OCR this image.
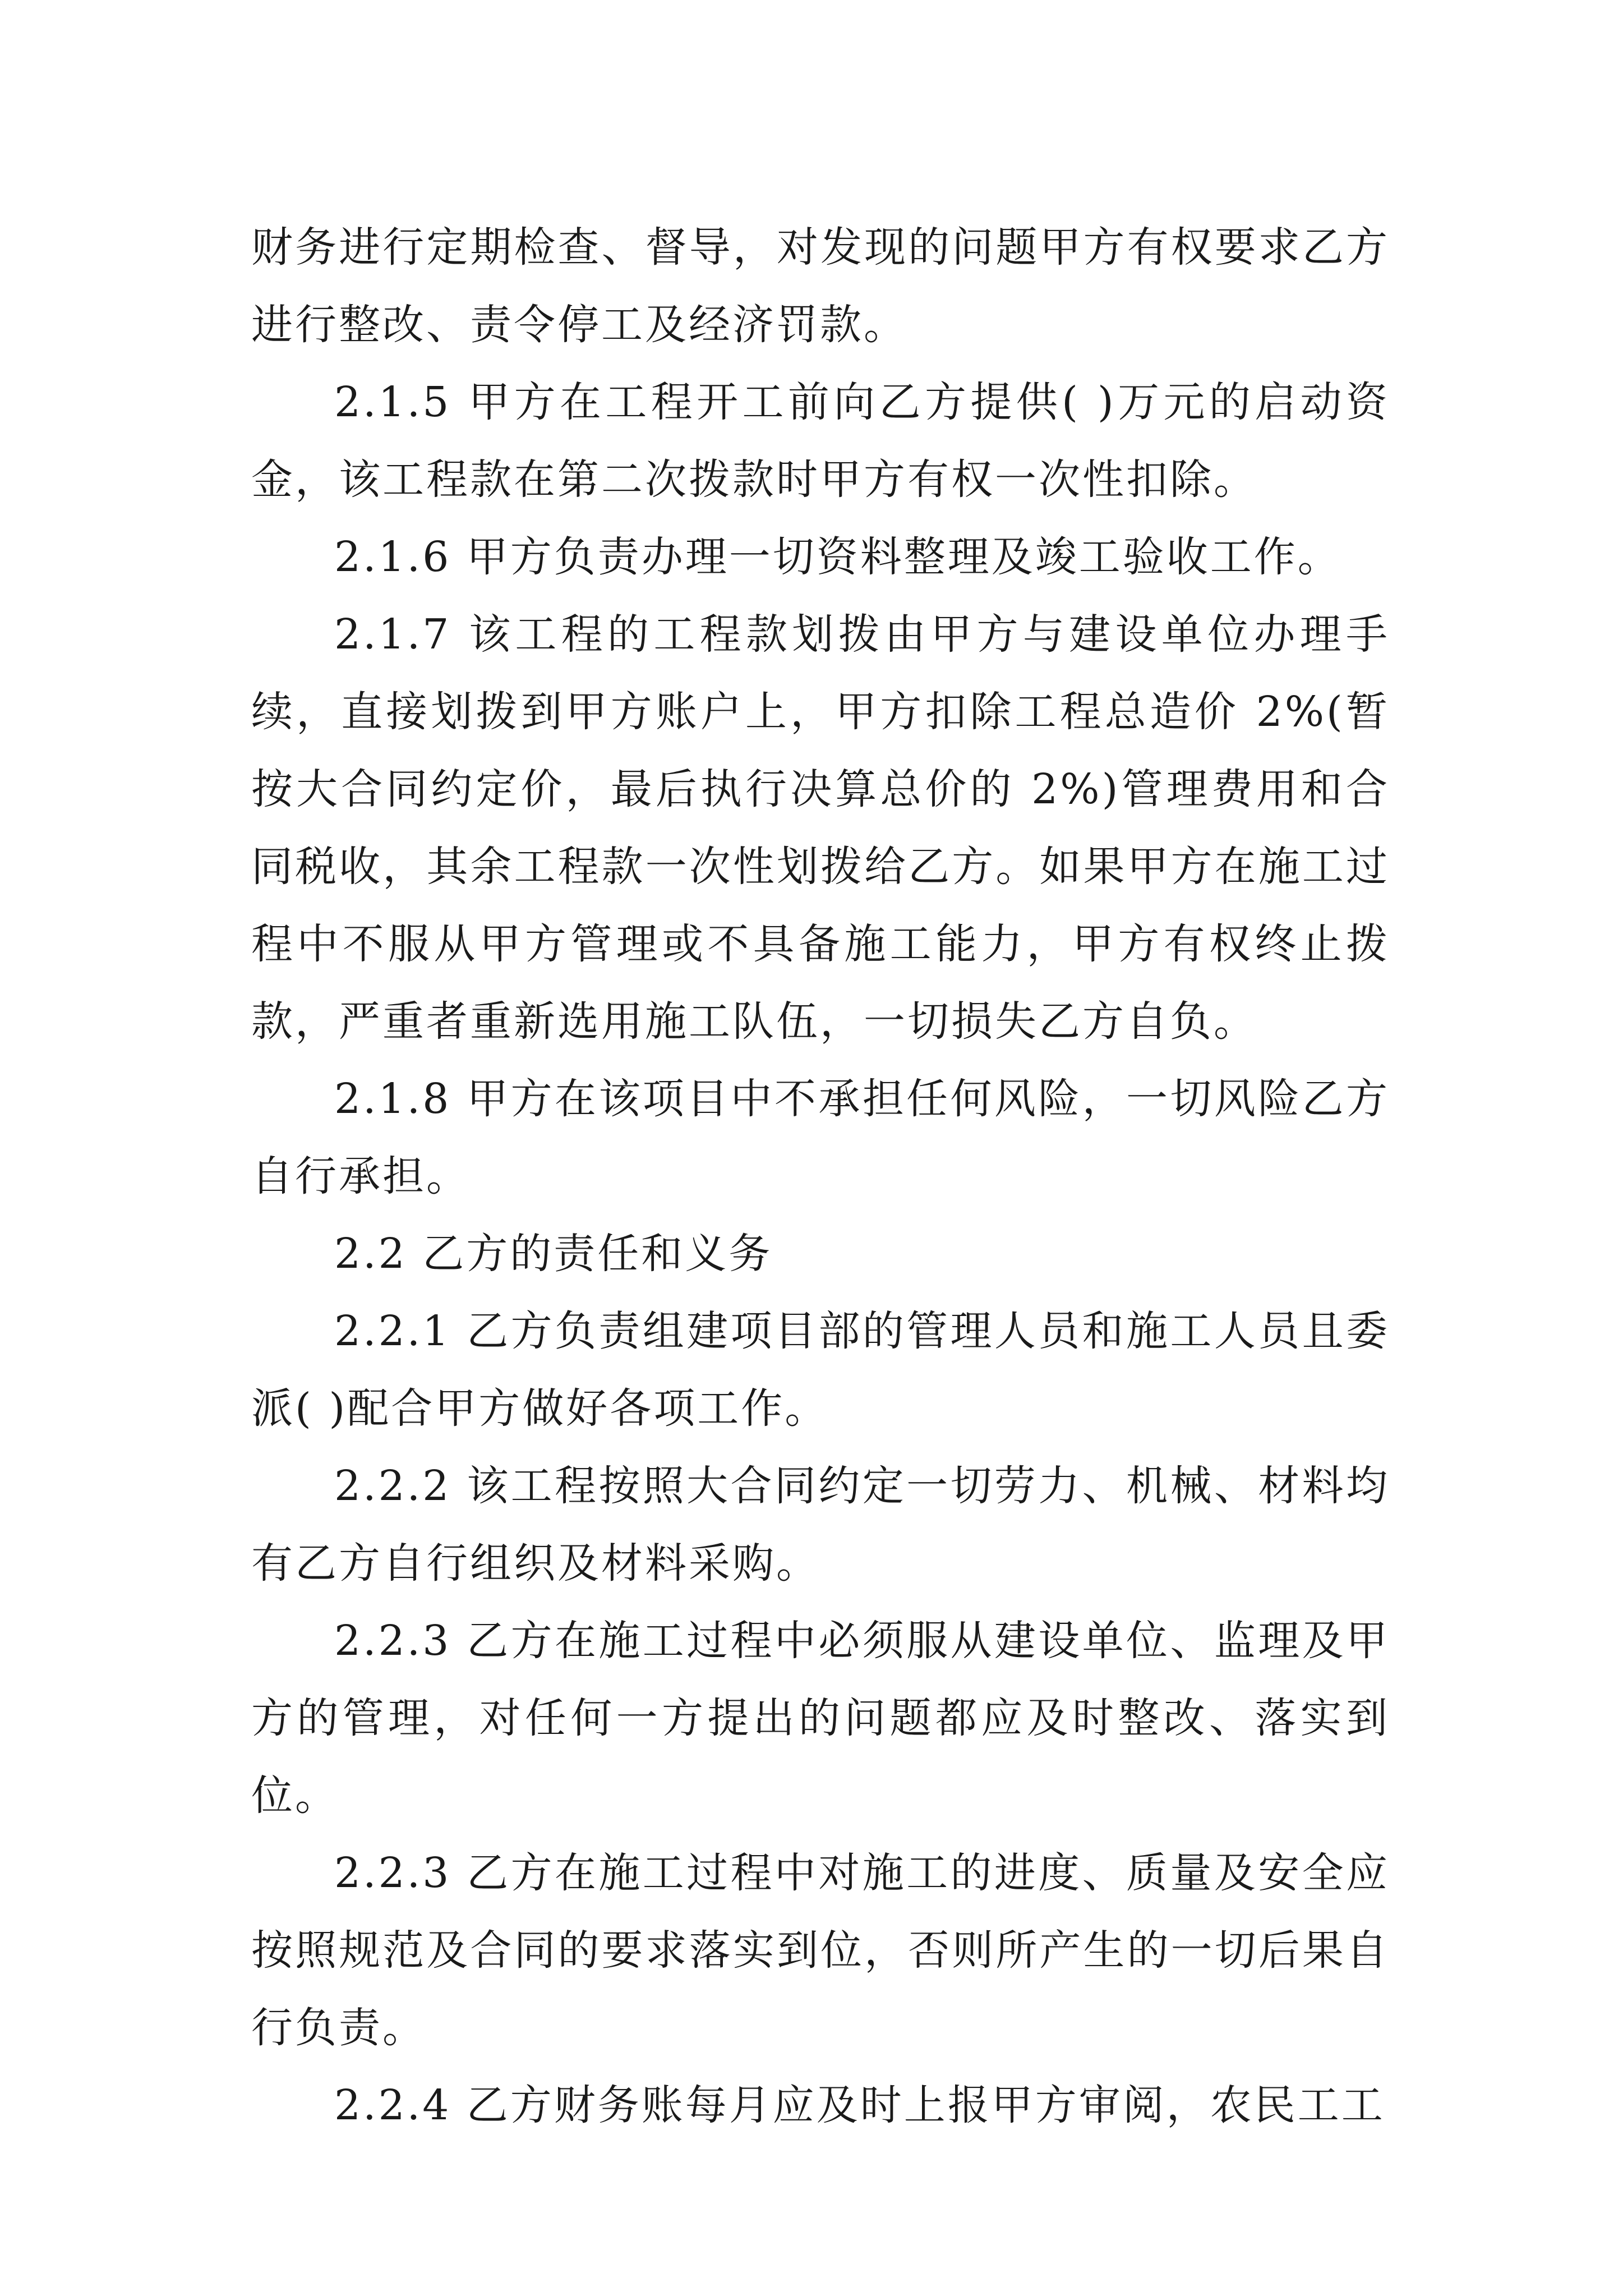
财务进行定期检查、督导，对发现的问题甲方有权要求乙方进行整改、责令停工及经济罚款。

2.1.5 甲方在工程开工前向乙方提供( )万元的启动资金，该工程款在第二次拨款时甲方有权一次性扣除。

2.1.6 甲方负责办理一切资料整理及竣工验收工作。

2.1.7 该工程的工程款划拨由甲方与建设单位办理手续，直接划拨到甲方账户上，甲方扣除工程总造价 2%(暂按大合同约定价，最后执行决算总价的 2%)管理费用和合同税收，其余工程款一次性划拨给乙方。如果甲方在施工过程中不服从甲方管理或不具备施工能力，甲方有权终止拨款，严重者重新选用施工队伍，一切损失乙方自负。

2.1.8 甲方在该项目中不承担任何风险，一切风险乙方自行承担。

2.2 乙方的责任和义务

2.2.1 乙方负责组建项目部的管理人员和施工人员且委派( )配合甲方做好各项工作。

2.2.2 该工程按照大合同约定一切劳力、机械、材料均有乙方自行组织及材料采购。

2.2.3 乙方在施工过程中必须服从建设单位、监理及甲方的管理，对任何一方提出的问题都应及时整改、落实到位。

2.2.3 乙方在施工过程中对施工的进度、质量及安全应按照规范及合同的要求落实到位，否则所产生的一切后果自行负责。

2.2.4 乙方财务账每月应及时上报甲方审阅，农民工工
